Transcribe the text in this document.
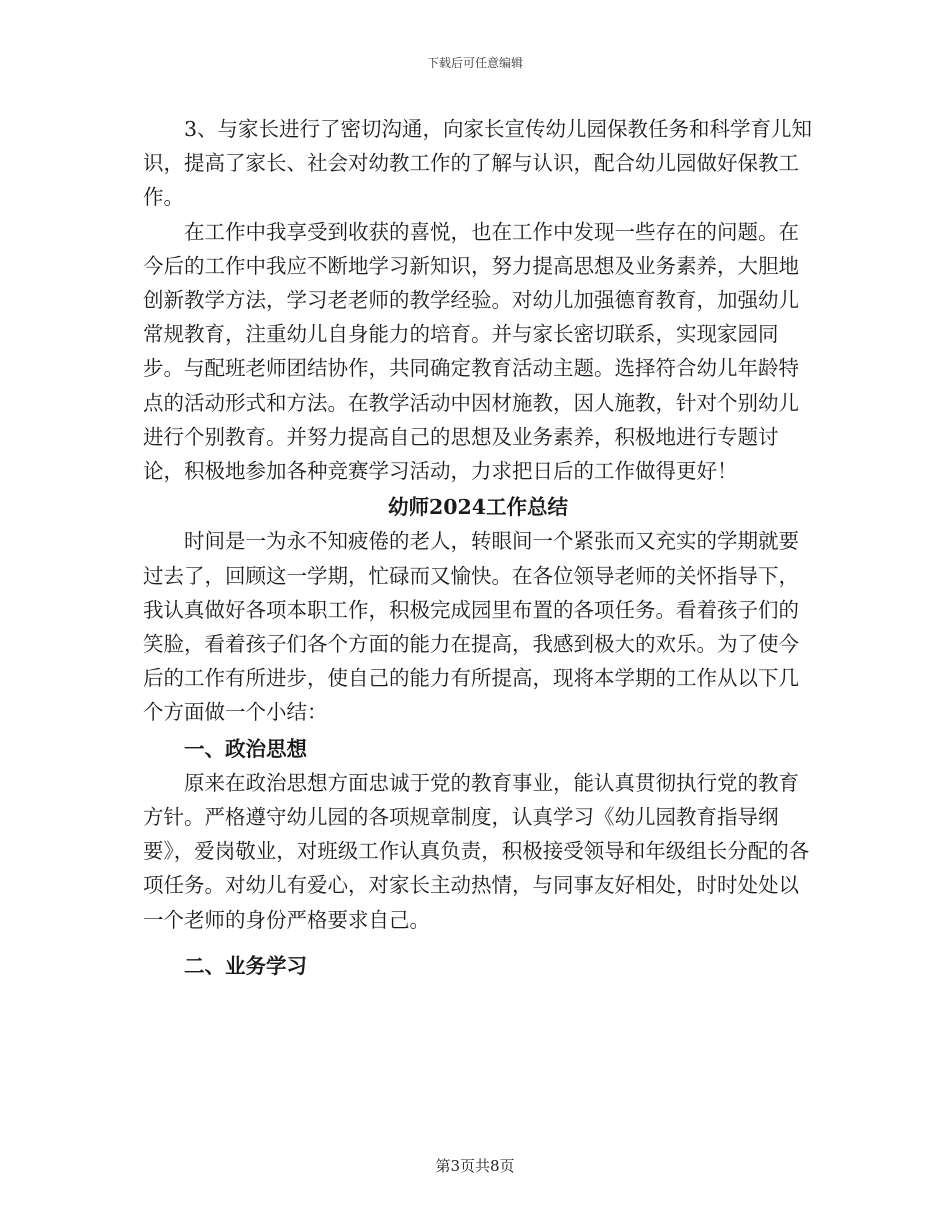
下载后可任意编辑

3、与家长进行了密切沟通，向家长宣传幼儿园保教任务和科学育儿知识，提高了家长、社会对幼教工作的了解与认识，配合幼儿园做好保教工作。

在工作中我享受到收获的喜悦，也在工作中发现一些存在的问题。在今后的工作中我应不断地学习新知识，努力提高思想及业务素养，大胆地创新教学方法，学习老老师的教学经验。对幼儿加强德育教育，加强幼儿常规教育，注重幼儿自身能力的培育。并与家长密切联系，实现家园同步。与配班老师团结协作，共同确定教育活动主题。选择符合幼儿年龄特点的活动形式和方法。在教学活动中因材施教，因人施教，针对个别幼儿进行个别教育。并努力提高自己的思想及业务素养，积极地进行专题讨论，积极地参加各种竞赛学习活动，力求把日后的工作做得更好！

幼师2024工作总结

时间是一为永不知疲倦的老人，转眼间一个紧张而又充实的学期就要过去了，回顾这一学期，忙碌而又愉快。在各位领导老师的关怀指导下，我认真做好各项本职工作，积极完成园里布置的各项任务。看着孩子们的笑脸，看着孩子们各个方面的能力在提高，我感到极大的欢乐。为了使今后的工作有所进步，使自己的能力有所提高，现将本学期的工作从以下几个方面做一个小结：

一、政治思想

原来在政治思想方面忠诚于党的教育事业，能认真贯彻执行党的教育方针。严格遵守幼儿园的各项规章制度，认真学习《幼儿园教育指导纲要》，爱岗敬业，对班级工作认真负责，积极接受领导和年级组长分配的各项任务。对幼儿有爱心，对家长主动热情，与同事友好相处，时时处处以一个老师的身份严格要求自己。

二、业务学习

第3页共8页
